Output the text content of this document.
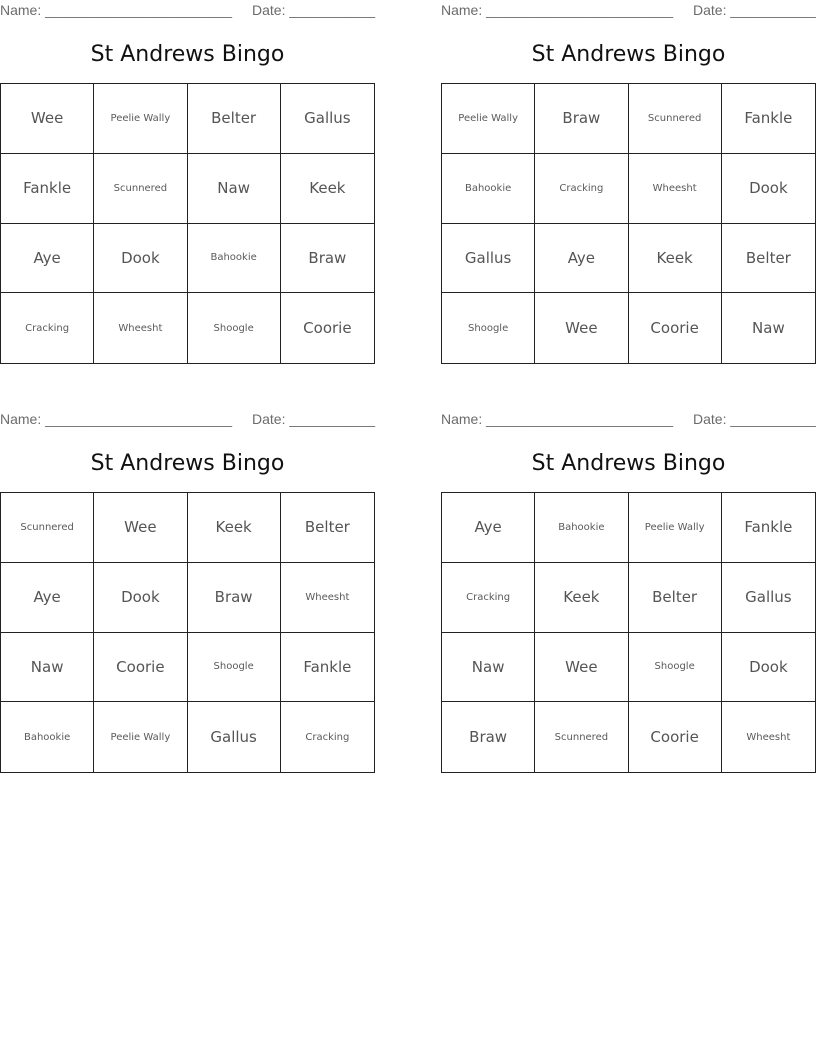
Name: ________________________ Date: ___________
St Andrews Bingo
Wee	Peelie Wally	Belter	Gallus
Fankle	Scunnered	Naw	Keek
Aye	Dook	Bahookie	Braw
Cracking	Wheesht	Shoogle	Coorie
Name: ________________________ Date: ___________
St Andrews Bingo
Peelie Wally	Braw	Scunnered	Fankle
Bahookie	Cracking	Wheesht	Dook
Gallus	Aye	Keek	Belter
Shoogle	Wee	Coorie	Naw
Name: ________________________ Date: ___________
St Andrews Bingo
Scunnered	Wee	Keek	Belter
Aye	Dook	Braw	Wheesht
Naw	Coorie	Shoogle	Fankle
Bahookie	Peelie Wally	Gallus	Cracking
Name: ________________________ Date: ___________
St Andrews Bingo
Aye	Bahookie	Peelie Wally	Fankle
Cracking	Keek	Belter	Gallus
Naw	Wee	Shoogle	Dook
Braw	Scunnered	Coorie	Wheesht
